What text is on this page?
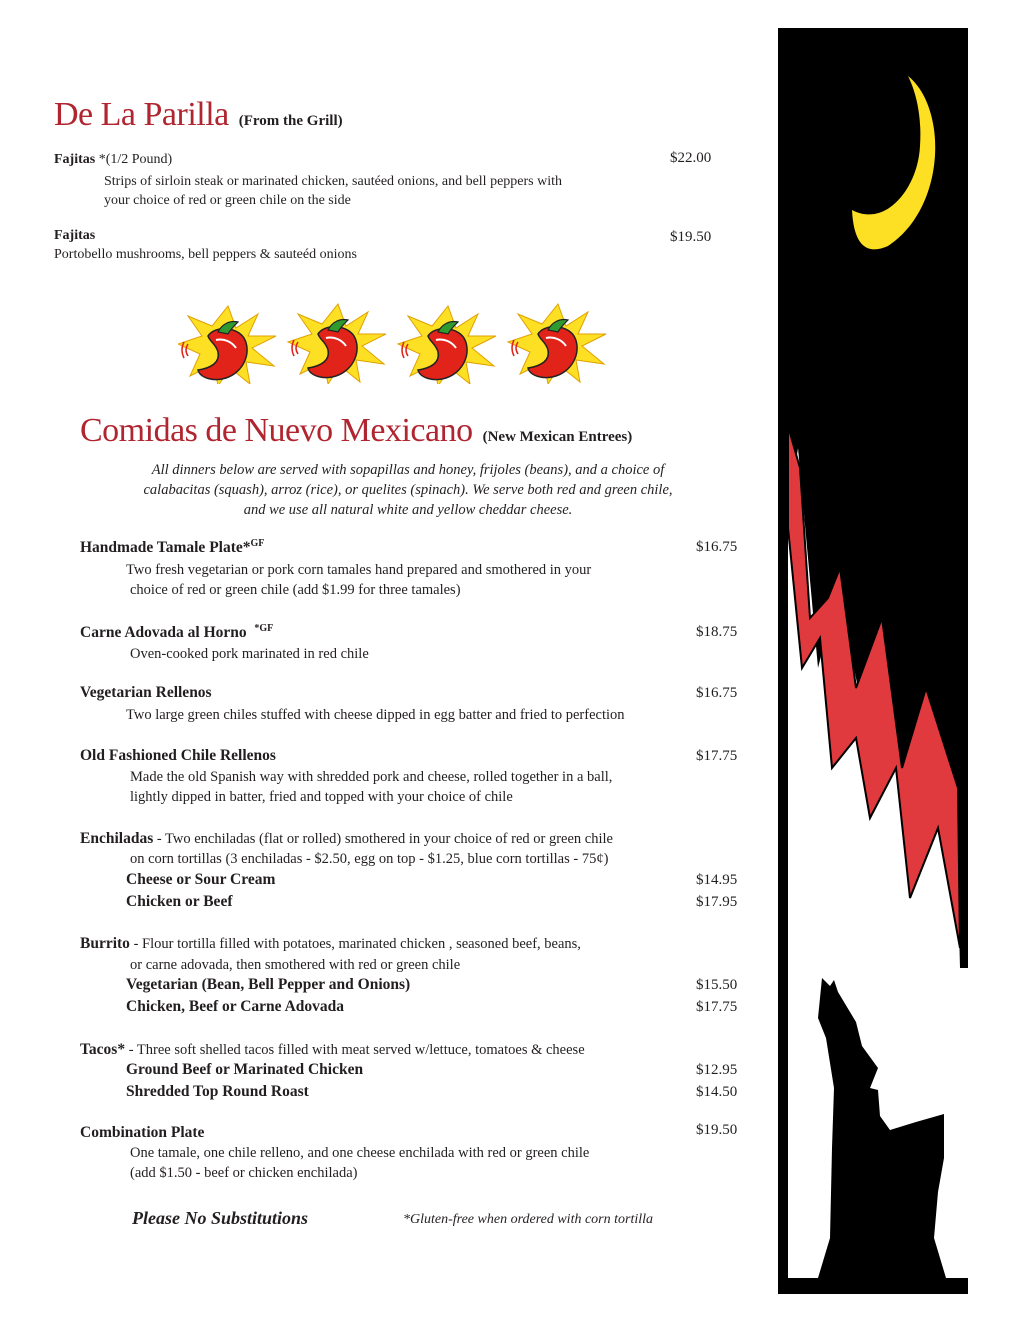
De La Parilla (From the Grill)
Fajitas *(1/2 Pound)	$22.00
Strips of sirloin steak or marinated chicken, sautéed onions, and bell peppers with
your choice of red or green chile on the side
Fajitas	$19.50
Portobello mushrooms, bell peppers & sauteéd onions
Comidas de Nuevo Mexicano (New Mexican Entrees)
All dinners below are served with sopapillas and honey, frijoles (beans), and a choice of
calabacitas (squash), arroz (rice), or quelites (spinach). We serve both red and green chile,
and we use all natural white and yellow cheddar cheese.
Handmade Tamale Plate*$^{GF}$	$16.75
Two fresh vegetarian or pork corn tamales hand prepared and smothered in your
choice of red or green chile (add $1.99 for three tamales)
Carne Adovada al Horno $^{*GF}$	$18.75
Oven-cooked pork marinated in red chile
Vegetarian Rellenos	$16.75
Two large green chiles stuffed with cheese dipped in egg batter and fried to perfection
Old Fashioned Chile Rellenos	$17.75
Made the old Spanish way with shredded pork and cheese, rolled together in a ball,
lightly dipped in batter, fried and topped with your choice of chile
Enchiladas - Two enchiladas (flat or rolled) smothered in your choice of red or green chile
on corn tortillas (3 enchiladas - $2.50, egg on top - $1.25, blue corn tortillas - 75¢)
Cheese or Sour Cream	$14.95
Chicken or Beef	$17.95
Burrito - Flour tortilla filled with potatoes, marinated chicken , seasoned beef, beans,
or carne adovada, then smothered with red or green chile
Vegetarian (Bean, Bell Pepper and Onions)	$15.50
Chicken, Beef or Carne Adovada	$17.75
Tacos* - Three soft shelled tacos filled with meat served w/lettuce, tomatoes & cheese
Ground Beef or Marinated Chicken	$12.95
Shredded Top Round Roast	$14.50
Combination Plate	$19.50
One tamale, one chile relleno, and one cheese enchilada with red or green chile
(add $1.50 - beef or chicken enchilada)
Please No Substitutions	*Gluten-free when ordered with corn tortilla
